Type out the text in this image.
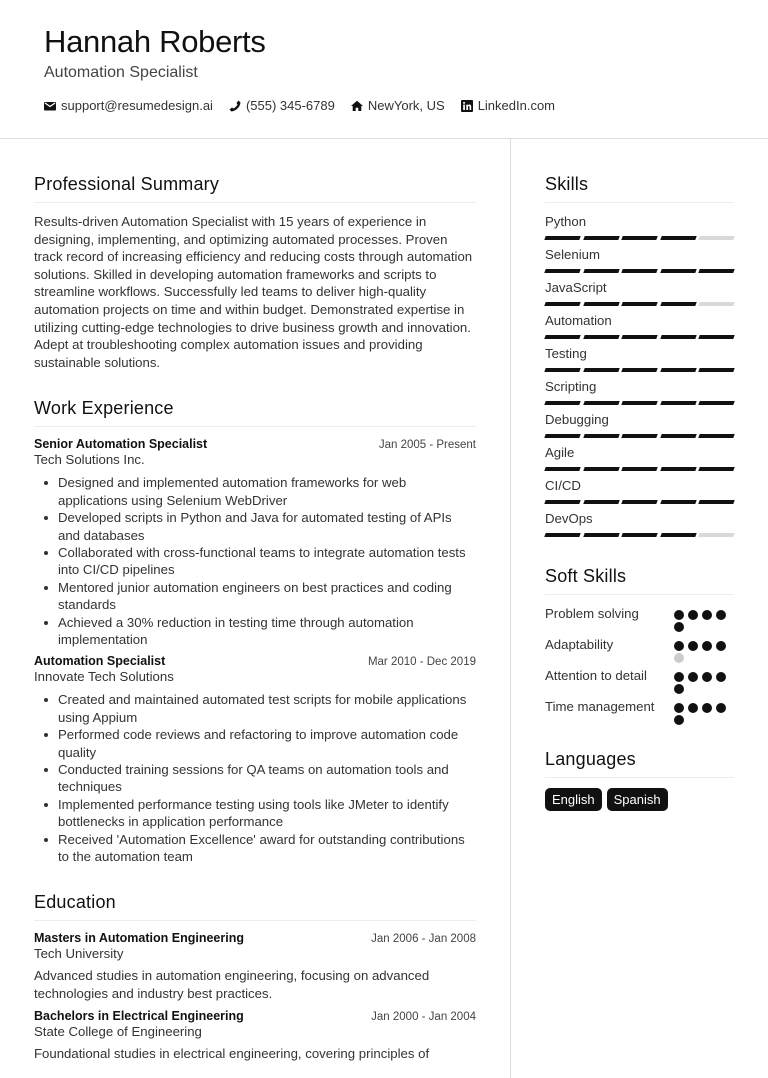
Hannah Roberts
Automation Specialist
support@resumedesign.ai	(555) 345-6789	NewYork, US	LinkedIn.com
Professional Summary

Results-driven Automation Specialist with 15 years of experience in designing, implementing, and optimizing automated processes. Proven track record of increasing efficiency and reducing costs through automation solutions. Skilled in developing automation frameworks and scripts to streamline workflows. Successfully led teams to deliver high-quality automation projects on time and within budget. Demonstrated expertise in utilizing cutting-edge technologies to drive business growth and innovation. Adept at troubleshooting complex automation issues and providing sustainable solutions.

Work Experience
Senior Automation Specialist	Jan 2005 - Present
Tech Solutions Inc.
Designed and implemented automation frameworks for web applications using Selenium WebDriver
Developed scripts in Python and Java for automated testing of APIs and databases
Collaborated with cross-functional teams to integrate automation tests into CI/CD pipelines
Mentored junior automation engineers on best practices and coding standards
Achieved a 30% reduction in testing time through automation implementation
Automation Specialist	Mar 2010 - Dec 2019
Innovate Tech Solutions
Created and maintained automated test scripts for mobile applications using Appium
Performed code reviews and refactoring to improve automation code quality
Conducted training sessions for QA teams on automation tools and techniques
Implemented performance testing using tools like JMeter to identify bottlenecks in application performance
Received 'Automation Excellence' award for outstanding contributions to the automation team
Education
Masters in Automation Engineering	Jan 2006 - Jan 2008
Tech University

Advanced studies in automation engineering, focusing on advanced technologies and industry best practices.

Bachelors in Electrical Engineering	Jan 2000 - Jan 2004
State College of Engineering

Foundational studies in electrical engineering, covering principles of

Skills
Python
Selenium
JavaScript
Automation
Testing
Scripting
Debugging
Agile
CI/CD
DevOps
Soft Skills
Problem solving
Adaptability
Attention to detail
Time management
Languages
English	Spanish
